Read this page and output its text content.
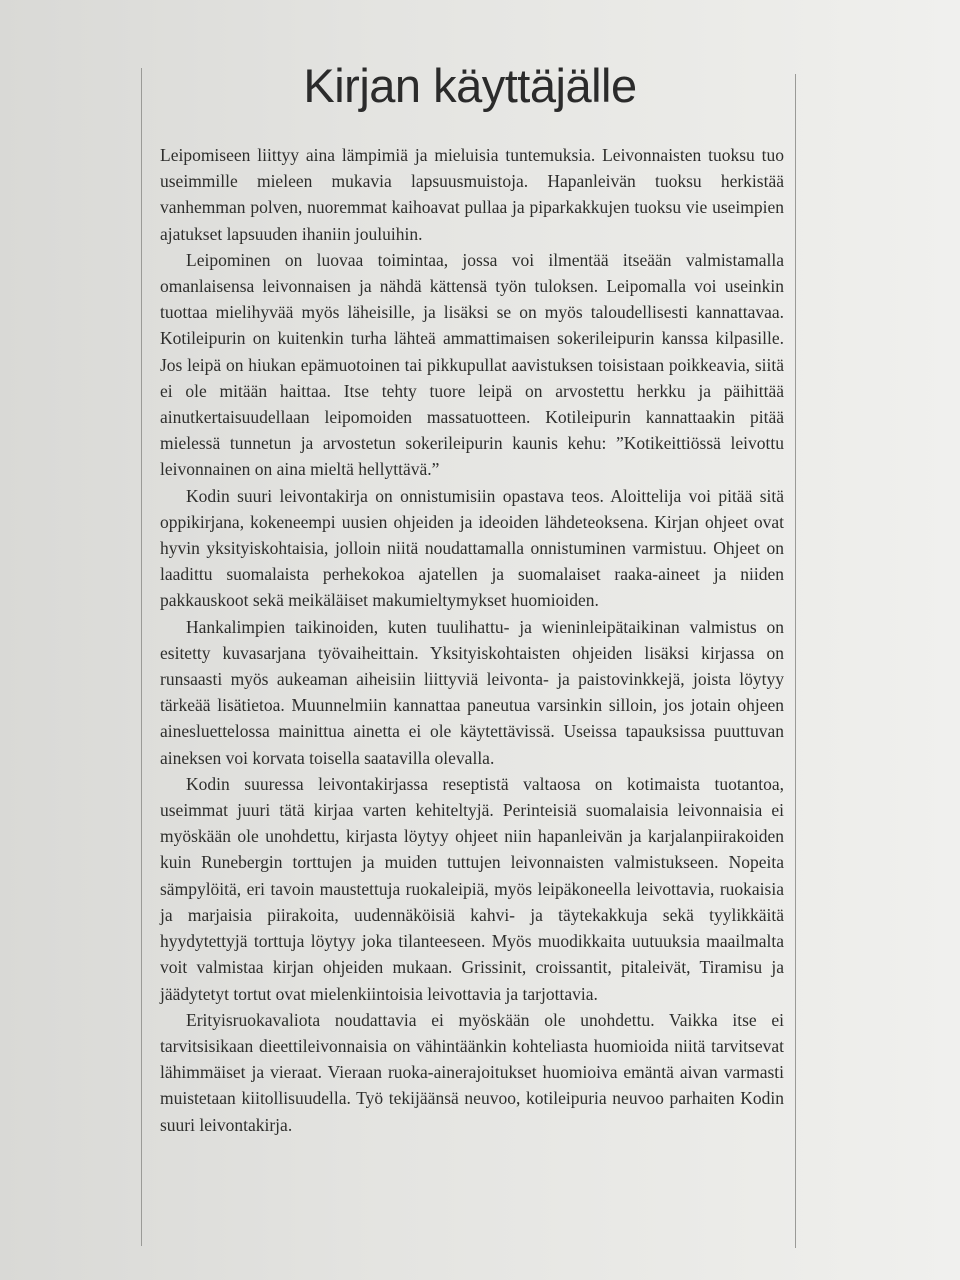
Kirjan käyttäjälle

Leipomiseen liittyy aina lämpimiä ja mieluisia tuntemuksia. Leivonnaisten tuoksu tuo useimmille mieleen mukavia lapsuusmuistoja. Hapanleivän tuoksu herkistää vanhemman polven, nuoremmat kaihoavat pullaa ja piparkakkujen tuoksu vie useimpien ajatukset lapsuuden ihaniin jouluihin.

Leipominen on luovaa toimintaa, jossa voi ilmentää itseään valmistamalla omanlaisensa leivonnaisen ja nähdä kättensä työn tuloksen. Leipomalla voi useinkin tuottaa mielihyvää myös läheisille, ja lisäksi se on myös taloudellisesti kannattavaa. Kotileipurin on kuitenkin turha lähteä ammattimaisen sokerileipurin kanssa kilpasille. Jos leipä on hiukan epämuotoinen tai pikkupullat aavistuksen toisistaan poikkeavia, siitä ei ole mitään haittaa. Itse tehty tuore leipä on arvostettu herkku ja päihittää ainutkertaisuudellaan leipomoiden massatuotteen. Kotileipurin kannattaakin pitää mielessä tunnetun ja arvostetun sokerileipurin kaunis kehu: ”Kotikeittiössä leivottu leivonnainen on aina mieltä hellyttävä.”

Kodin suuri leivontakirja on onnistumisiin opastava teos. Aloittelija voi pitää sitä oppikirjana, kokeneempi uusien ohjeiden ja ideoiden lähdeteoksena. Kirjan ohjeet ovat hyvin yksityiskohtaisia, jolloin niitä noudattamalla onnistuminen varmistuu. Ohjeet on laadittu suomalaista perhekokoa ajatellen ja suomalaiset raaka-aineet ja niiden pakkauskoot sekä meikäläiset makumieltymykset huomioiden.

Hankalimpien taikinoiden, kuten tuulihattu- ja wieninleipätaikinan valmistus on esitetty kuvasarjana työvaiheittain. Yksityiskohtaisten ohjeiden lisäksi kirjassa on runsaasti myös aukeaman aiheisiin liittyviä leivonta- ja paistovinkkejä, joista löytyy tärkeää lisätietoa. Muunnelmiin kannattaa paneutua varsinkin silloin, jos jotain ohjeen ainesluettelossa mainittua ainetta ei ole käytettävissä. Useissa tapauksissa puuttuvan aineksen voi korvata toisella saatavilla olevalla.

Kodin suuressa leivontakirjassa reseptistä valtaosa on kotimaista tuotantoa, useimmat juuri tätä kirjaa varten kehiteltyjä. Perinteisiä suomalaisia leivonnaisia ei myöskään ole unohdettu, kirjasta löytyy ohjeet niin hapanleivän ja karjalanpiirakoiden kuin Runebergin torttujen ja muiden tuttujen leivonnaisten valmistukseen. Nopeita sämpylöitä, eri tavoin maustettuja ruokaleipiä, myös leipäkoneella leivottavia, ruokaisia ja marjaisia piirakoita, uudennäköisiä kahvi- ja täytekakkuja sekä tyylikkäitä hyydytettyjä torttuja löytyy joka tilanteeseen. Myös muodikkaita uutuuksia maailmalta voit valmistaa kirjan ohjeiden mukaan. Grissinit, croissantit, pitaleivät, Tiramisu ja jäädytetyt tortut ovat mielenkiintoisia leivottavia ja tarjottavia.

Erityisruokavaliota noudattavia ei myöskään ole unohdettu. Vaikka itse ei tarvitsisikaan dieettileivonnaisia on vähintäänkin kohteliasta huomioida niitä tarvitsevat lähimmäiset ja vieraat. Vieraan ruoka-ainerajoitukset huomioiva emäntä aivan varmasti muistetaan kiitollisuudella. Työ tekijäänsä neuvoo, kotileipuria neuvoo parhaiten Kodin suuri leivontakirja.
